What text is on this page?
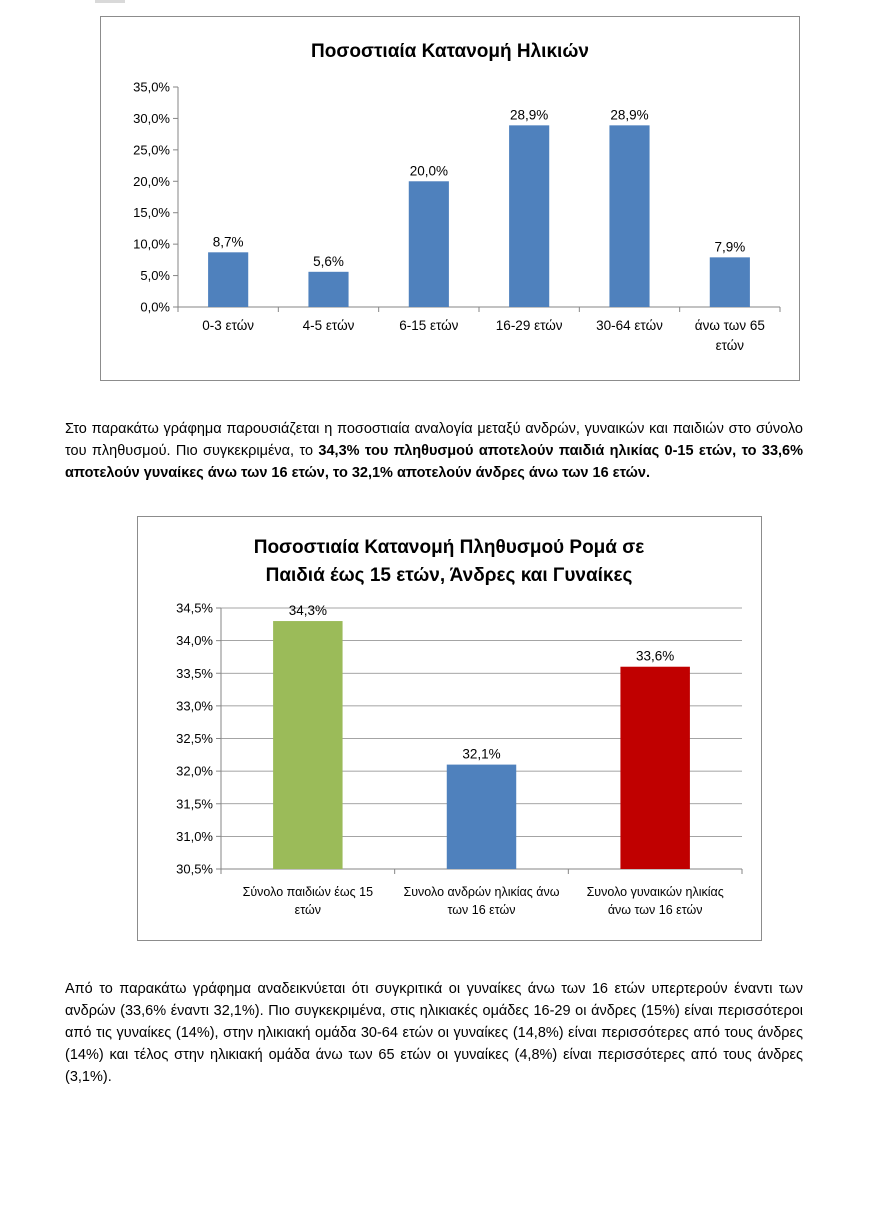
Ποσοστιαία Κατανομή Ηλικιών
0,0%
5,0%
10,0%
15,0%
20,0%
25,0%
30,0%
35,0%
8,7%
0-3 ετών
5,6%
4-5 ετών
20,0%
6-15 ετών
28,9%
16-29 ετών
28,9%
30-64 ετών
7,9%
άνω των 65
ετών

Στο παρακάτω γράφημα παρουσιάζεται η ποσοστιαία αναλογία μεταξύ ανδρών, γυναικών και παιδιών στο σύνολο του πληθυσμού. Πιο συγκεκριμένα, το 34,3% του πληθυσμού αποτελούν παιδιά ηλικίας 0-15 ετών, το 33,6% αποτελούν γυναίκες άνω των 16 ετών, το 32,1% αποτελούν άνδρες άνω των 16 ετών.

Ποσοστιαία Κατανομή Πληθυσμού Ρομά σε
Παιδιά έως 15 ετών, Άνδρες και Γυναίκες
30,5%
31,0%
31,5%
32,0%
32,5%
33,0%
33,5%
34,0%
34,5%	34,3%
Σύνολο παιδιών έως 15
ετών
32,1%
Συνολο ανδρών ηλικίας άνω
των 16 ετών
33,6%
Συνολο γυναικών ηλικίας
άνω των 16 ετών

Από το παρακάτω γράφημα αναδεικνύεται ότι συγκριτικά οι γυναίκες άνω των 16 ετών υπερτερούν έναντι των ανδρών (33,6% έναντι 32,1%). Πιο συγκεκριμένα, στις ηλικιακές ομάδες 16-29 οι άνδρες (15%) είναι περισσότεροι από τις γυναίκες (14%), στην ηλικιακή ομάδα 30-64 ετών οι γυναίκες (14,8%) είναι περισσότερες από τους άνδρες (14%) και τέλος στην ηλικιακή ομάδα άνω των 65 ετών οι γυναίκες (4,8%) είναι περισσότερες από τους άνδρες (3,1%).
